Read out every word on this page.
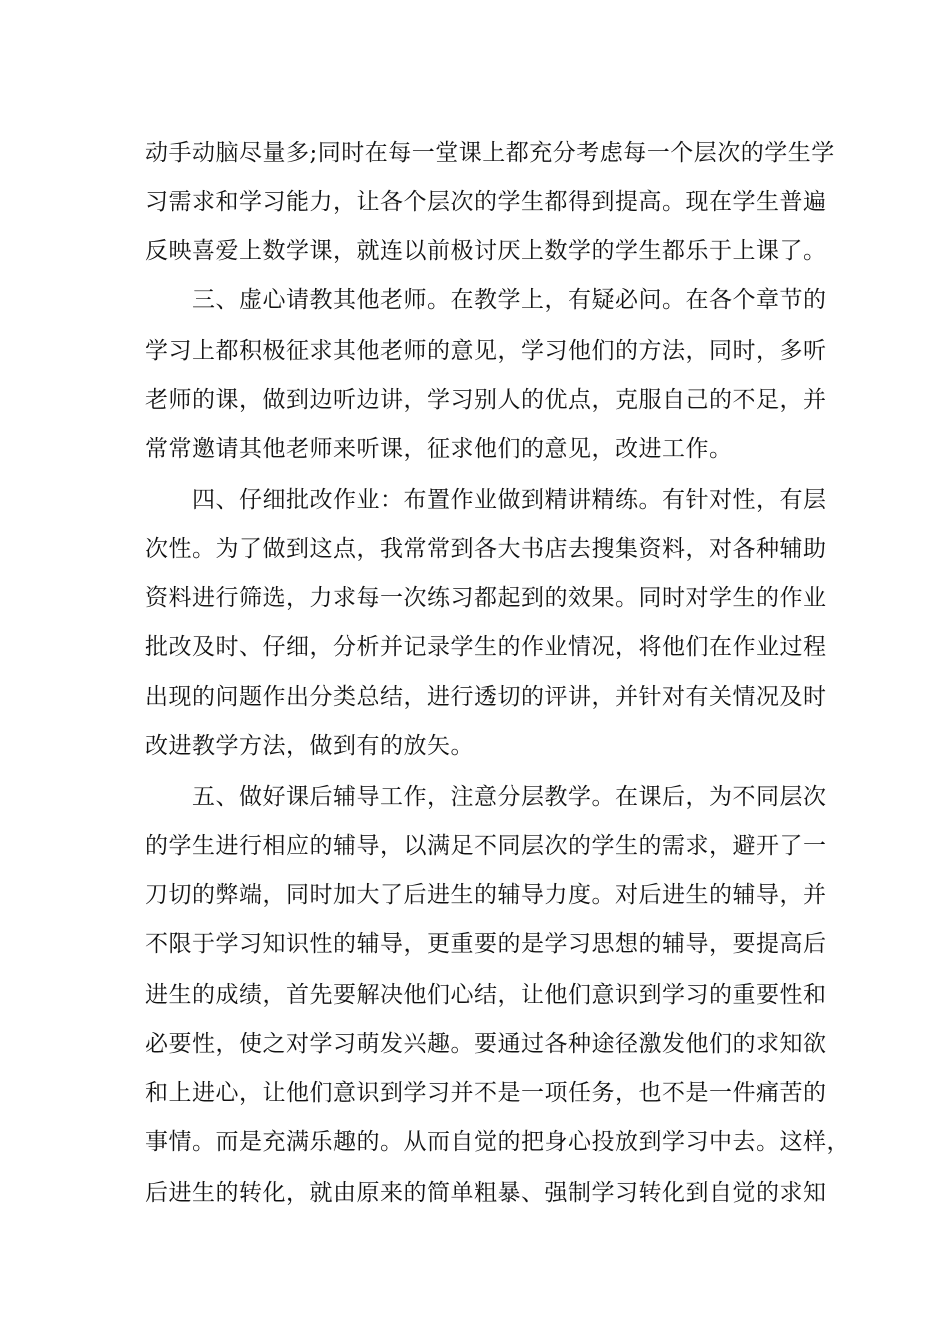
动手动脑尽量多;同时在每一堂课上都充分考虑每一个层次的学生学
习需求和学习能力，让各个层次的学生都得到提高。现在学生普遍
反映喜爱上数学课，就连以前极讨厌上数学的学生都乐于上课了。
　　三、虚心请教其他老师。在教学上，有疑必问。在各个章节的
学习上都积极征求其他老师的意见，学习他们的方法，同时，多听
老师的课，做到边听边讲，学习别人的优点，克服自己的不足，并
常常邀请其他老师来听课，征求他们的意见，改进工作。
　　四、仔细批改作业：布置作业做到精讲精练。有针对性，有层
次性。为了做到这点，我常常到各大书店去搜集资料，对各种辅助
资料进行筛选，力求每一次练习都起到的效果。同时对学生的作业
批改及时、仔细，分析并记录学生的作业情况，将他们在作业过程
出现的问题作出分类总结，进行透切的评讲，并针对有关情况及时
改进教学方法，做到有的放矢。
　　五、做好课后辅导工作，注意分层教学。在课后，为不同层次
的学生进行相应的辅导，以满足不同层次的学生的需求，避开了一
刀切的弊端，同时加大了后进生的辅导力度。对后进生的辅导，并
不限于学习知识性的辅导，更重要的是学习思想的辅导，要提高后
进生的成绩，首先要解决他们心结，让他们意识到学习的重要性和
必要性，使之对学习萌发兴趣。要通过各种途径激发他们的求知欲
和上进心，让他们意识到学习并不是一项任务，也不是一件痛苦的
事情。而是充满乐趣的。从而自觉的把身心投放到学习中去。这样，
后进生的转化，就由原来的简单粗暴、强制学习转化到自觉的求知
